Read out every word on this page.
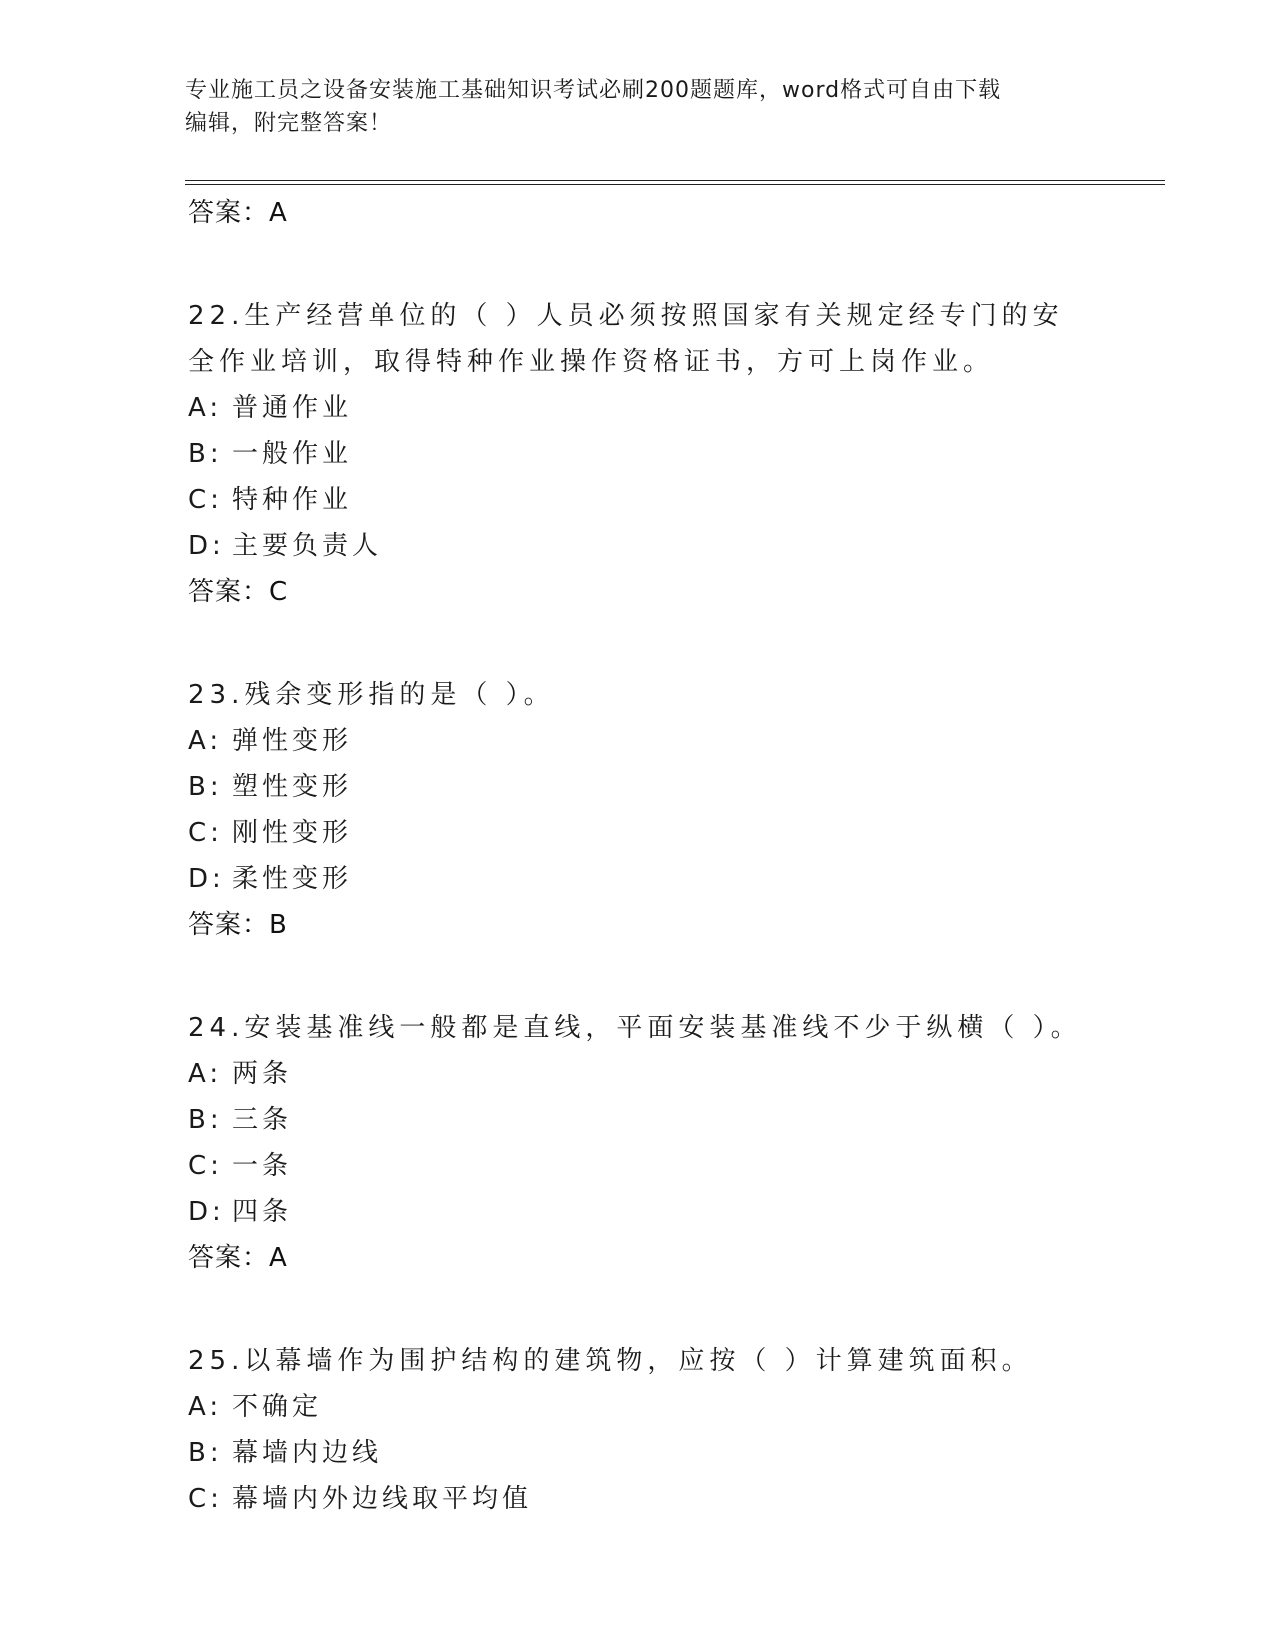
专业施工员之设备安装施工基础知识考试必刷200题题库，word格式可自由下载
编辑，附完整答案！
答案：A
22.生产经营单位的（ ）人员必须按照国家有关规定经专门的安全作业培训，取得特种作业操作资格证书，方可上岗作业。
A: 普通作业
B: 一般作业
C: 特种作业
D: 主要负责人
答案：C
23.残余变形指的是（ ）。
A: 弹性变形
B: 塑性变形
C: 刚性变形
D: 柔性变形
答案：B
24.安装基准线一般都是直线，平面安装基准线不少于纵横（ ）。
A: 两条
B: 三条
C: 一条
D: 四条
答案：A
25.以幕墙作为围护结构的建筑物，应按（ ）计算建筑面积。
A: 不确定
B: 幕墙内边线
C: 幕墙内外边线取平均值
